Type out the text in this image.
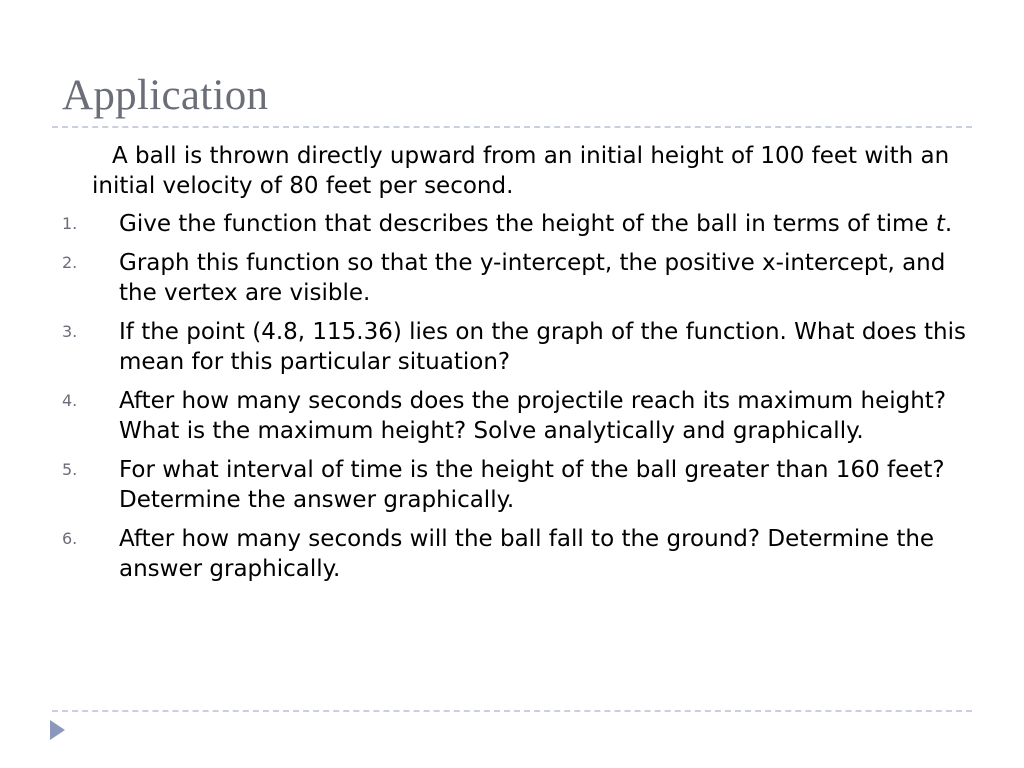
Application

A ball is thrown directly upward from an initial height of 100 feet with an initial velocity of 80 feet per second.

1. Give the function that describes the height of the ball in terms of time t.
2. Graph this function so that the y-intercept, the positive x-intercept, and the vertex are visible.
3. If the point (4.8, 115.36) lies on the graph of the function. What does this mean for this particular situation?
4. After how many seconds does the projectile reach its maximum height? What is the maximum height? Solve analytically and graphically.
5. For what interval of time is the height of the ball greater than 160 feet? Determine the answer graphically.
6. After how many seconds will the ball fall to the ground? Determine the answer graphically.
